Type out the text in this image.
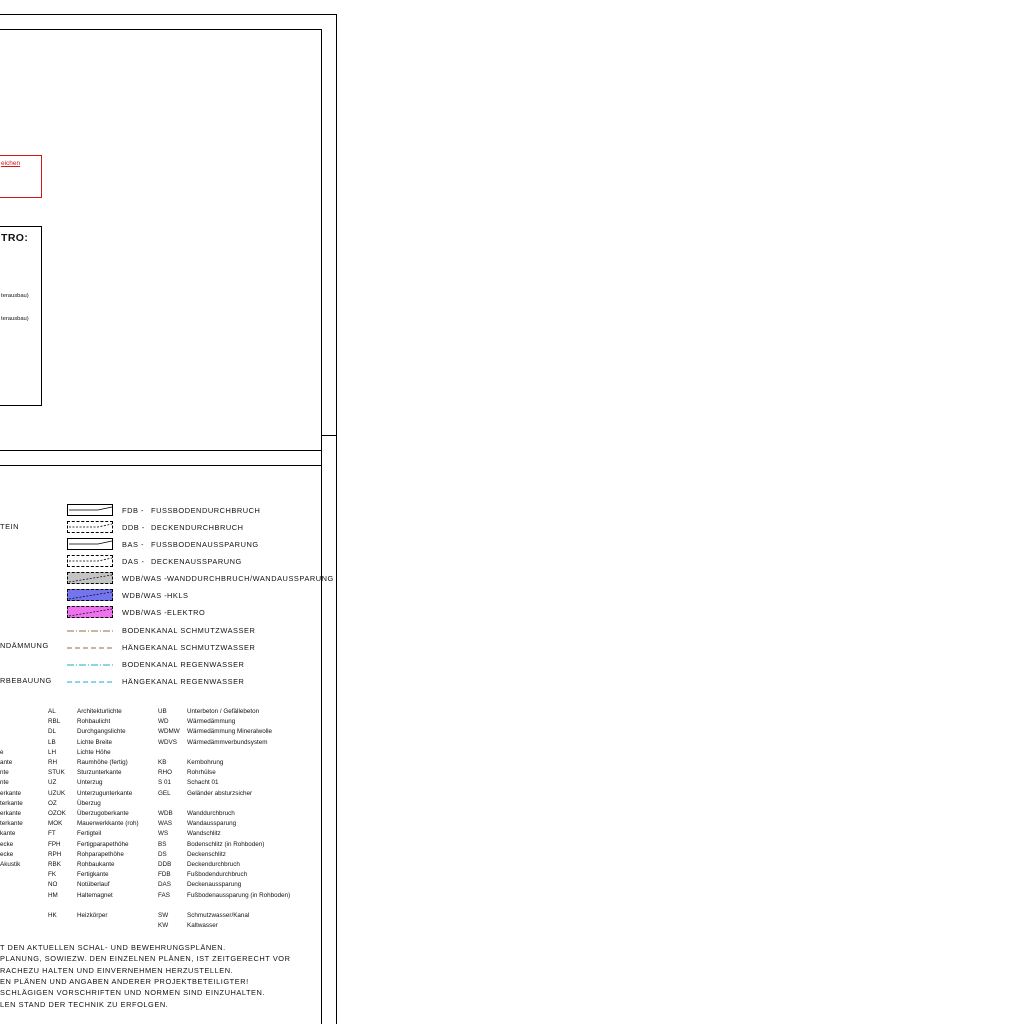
eichen
TRO:
terausbau)
terausbau)
TEIN
NDÄMMUNG
RBEBAUUNG
FDB - FUSSBODENDURCHBRUCH
DDB - DECKENDURCHBRUCH
BAS - FUSSBODENAUSSPARUNG
DAS - DECKENAUSSPARUNG
WDB/WAS - WANDDURCHBRUCH/WANDAUSSPARUNG
WDB/WAS - HKLS
WDB/WAS - ELEKTRO
BODENKANAL SCHMUTZWASSER
HÄNGEKANAL SCHMUTZWASSER
BODENKANAL REGENWASSER
HÄNGEKANAL REGENWASSER
e
ante
nte
nte
erkante
terkante
erkante
terkante
kante
ecke
ecke
Akustik
AL	Architekturlichte
RBL	Rohbaulicht
DL	Durchgangslichte
LB	Lichte Breite
LH	Lichte Höhe
RH	Raumhöhe (fertig)
STUK Sturzunterkante
UZ	Unterzug
UZUK Unterzugunterkante
OZ	Überzug
OZOK Überzugoberkante
MOK Mauerwerkkante (roh)
FT	Fertigteil
FPH	Fertigparapethöhe
RPH Rohparapethöhe
RBK	Rohbaukante
FK	Fertigkante
NO	Notüberlauf
HM	Haltemagnet
HK	Heizkörper
UB	Unterbeton / Gefällebeton
WD	Wärmedämmung
WDMW Wärmedämmung Mineralwolle
WDVS Wärmedämmverbundsystem
KB	Kernbohrung
RHO Rohrhülse
S 01	Schacht 01
GEL	Geländer absturzsicher
WDB Wanddurchbruch
WAS Wandaussparung
WS	Wandschlitz
BS	Bodenschlitz (in Rohboden)
DS	Deckenschlitz
DDB Deckendurchbruch
FDB	Fußbodendurchbruch
DAS	Deckenaussparung
FAS	Fußbodenaussparung (in Rohboden)
SW	Schmutzwasser/Kanal
KW	Kaltwasser
T DEN AKTUELLEN SCHAL- UND BEWEHRUNGSPLÄNEN.
PLANUNG, SOWIEZW. DEN EINZELNEN PLÄNEN, IST ZEITGERECHT VOR
RACHEZU HALTEN UND EINVERNEHMEN HERZUSTELLEN.
EN PLÄNEN UND ANGABEN ANDERER PROJEKTBETEILIGTER!
SCHLÄGIGEN VORSCHRIFTEN UND NORMEN SIND EINZUHALTEN.
LEN STAND DER TECHNIK ZU ERFOLGEN.
